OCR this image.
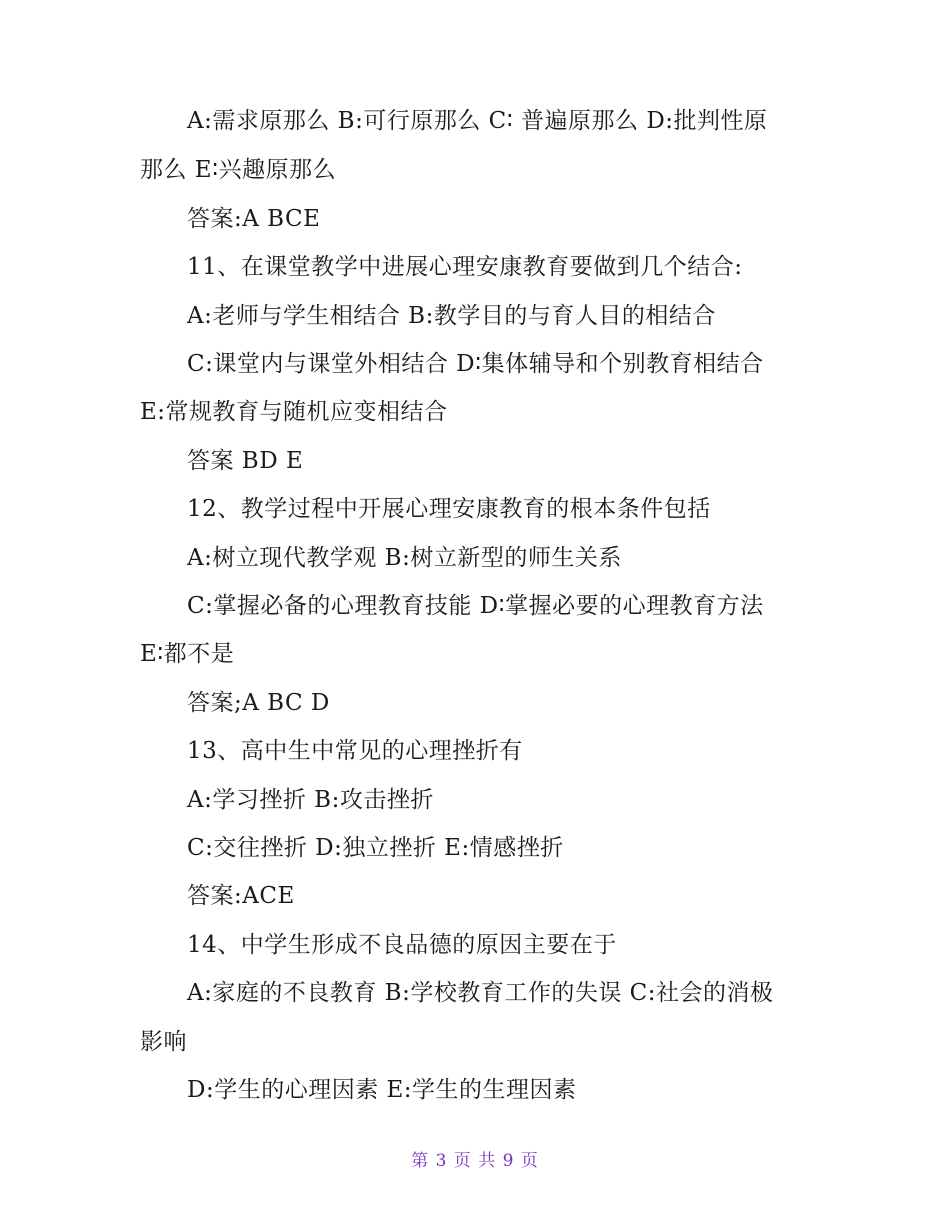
A:需求原那么 B:可行原那么 C∶ 普遍原那么 D:批判性原
那么 E∶兴趣原那么
答案:A BCE
11、在课堂教学中进展心理安康教育要做到几个结合:
A:老师与学生相结合 B:教学目的与育人目的相结合
C:课堂内与课堂外相结合 D∶集体辅导和个别教育相结合
E:常规教育与随机应变相结合
答案 BD E
12、教学过程中开展心理安康教育的根本条件包括
A:树立现代教学观 B:树立新型的师生关系
C:掌握必备的心理教育技能 D∶掌握必要的心理教育方法
E∶都不是
答案;A BC D
13、高中生中常见的心理挫折有
A:学习挫折 B:攻击挫折
C:交往挫折 D:独立挫折 E:情感挫折
答案:ACE
14、中学生形成不良品德的原因主要在于
A:家庭的不良教育 B:学校教育工作的失误 C:社会的消极
影响
D:学生的心理因素 E:学生的生理因素
第 3 页 共 9 页
